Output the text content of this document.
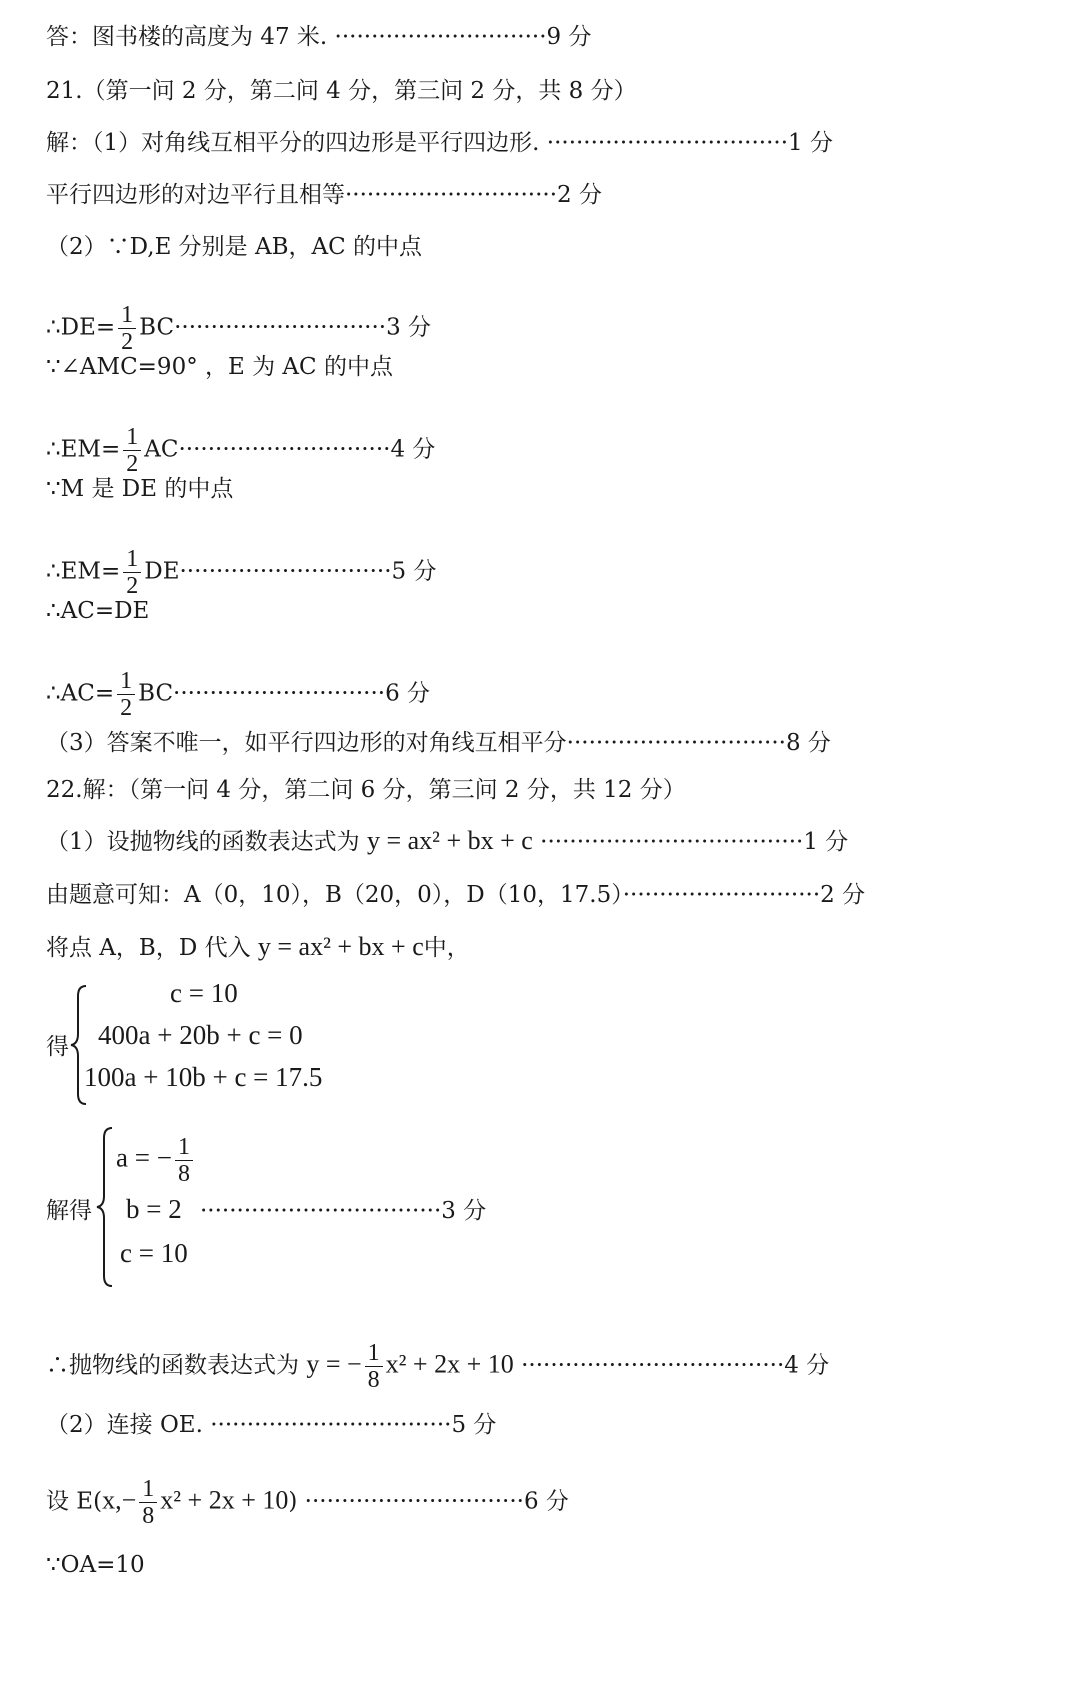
答：图书楼的高度为 47 米. ·····························9 分
21.（第一问 2 分，第二问 4 分，第三问 2 分，共 8 分）
解：（1）对角线互相平分的四边形是平行四边形. ·································1 分
平行四边形的对边平行且相等·····························2 分
（2）∵D,E 分别是 AB，AC 的中点
∴DE= $\frac{1}{2} BC\cdot\cdot\cdot\cdot\cdot\cdot\cdot\cdot\cdot\cdot\cdot\cdot\cdot\cdot\cdot\cdot\cdot\cdot\cdot\cdot\cdot\cdot\cdot\cdot\cdot\cdot\cdot\cdot\cdot 3$ 分
∵∠AMC=90° ，E 为 AC 的中点
∴EM= $\frac{1}{2} AC\cdot\cdot\cdot\cdot\cdot\cdot\cdot\cdot\cdot\cdot\cdot\cdot\cdot\cdot\cdot\cdot\cdot\cdot\cdot\cdot\cdot\cdot\cdot\cdot\cdot\cdot\cdot\cdot\cdot 4$ 分
∵M 是 DE 的中点
∴EM= $\frac{1}{2} DE\cdot\cdot\cdot\cdot\cdot\cdot\cdot\cdot\cdot\cdot\cdot\cdot\cdot\cdot\cdot\cdot\cdot\cdot\cdot\cdot\cdot\cdot\cdot\cdot\cdot\cdot\cdot\cdot\cdot 5$ 分
∴AC=DE
∴AC= $\frac{1}{2} BC\cdot\cdot\cdot\cdot\cdot\cdot\cdot\cdot\cdot\cdot\cdot\cdot\cdot\cdot\cdot\cdot\cdot\cdot\cdot\cdot\cdot\cdot\cdot\cdot\cdot\cdot\cdot\cdot\cdot 6$ 分
（3）答案不唯一，如平行四边形的对角线互相平分······························8 分
22.解：（第一问 4 分，第二问 6 分，第三问 2 分，共 12 分）
（1）设抛物线的函数表达式为 y = ax² + bx + c ····································1 分
由题意可知：A（0，10），B（20，0），D（10，17.5）···························2 分
将点 A，B，D 代入 y = ax² + bx + c中，
得
c = 10
400a + 20b + c = 0
100a + 10b + c = 17.5
解得
a = − $\frac{1}{8}$
b = 2 ·································3 分
c = 10
∴抛物线的函数表达式为 y = − $\frac{1}{8} x^2 + 2x + 10 \cdot\cdot\cdot\cdot\cdot\cdot\cdot\cdot\cdot\cdot\cdot\cdot\cdot\cdot\cdot\cdot\cdot\cdot\cdot\cdot\cdot\cdot\cdot\cdot\cdot\cdot\cdot\cdot\cdot\cdot\cdot\cdot\cdot\cdot\cdot\cdot 4$ 分
（2）连接 OE. ·································5 分
设 $E(x,- \frac{1}{8} x^2 + 2x + 10) \cdot\cdot\cdot\cdot\cdot\cdot\cdot\cdot\cdot\cdot\cdot\cdot\cdot\cdot\cdot\cdot\cdot\cdot\cdot\cdot\cdot\cdot\cdot\cdot\cdot\cdot\cdot\cdot\cdot\cdot 6$ 分
∵OA=10
